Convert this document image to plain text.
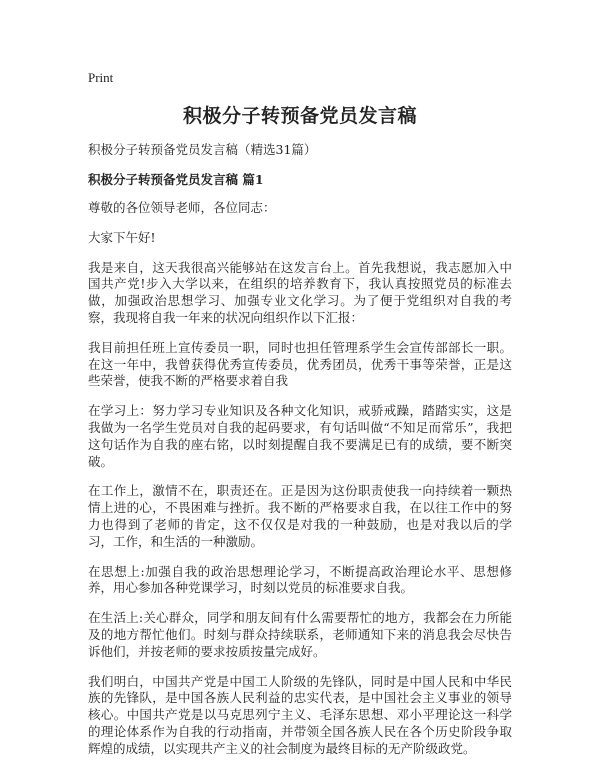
Print
积极分子转预备党员发言稿
积极分子转预备党员发言稿（精选31篇）
积极分子转预备党员发言稿 篇1

尊敬的各位领导老师，各位同志：

大家下午好!

我是来自，这天我很高兴能够站在这发言台上。首先我想说，我志愿加入中国共产党!步入大学以来，在组织的培养教育下，我认真按照党员的标准去做，加强政治思想学习、加强专业文化学习。为了便于党组织对自我的考察，我现将自我一年来的状况向组织作以下汇报：

我目前担任班上宣传委员一职，同时也担任管理系学生会宣传部部长一职。在这一年中，我曾获得优秀宣传委员，优秀团员，优秀干事等荣誉，正是这些荣誉，使我不断的严格要求着自我

在学习上：努力学习专业知识及各种文化知识，戒骄戒躁，踏踏实实，这是我做为一名学生党员对自我的起码要求，有句话叫做“不知足而常乐”，我把这句话作为自我的座右铭，以时刻提醒自我不要满足已有的成绩，要不断突破。

在工作上，激情不在，职责还在。正是因为这份职责使我一向持续着一颗热情上进的心，不畏困难与挫折。我不断的严格要求自我，在以往工作中的努力也得到了老师的肯定，这不仅仅是对我的一种鼓励，也是对我以后的学习，工作，和生活的一种激励。

在思想上:加强自我的政治思想理论学习，不断提高政治理论水平、思想修养，用心参加各种党课学习，时刻以党员的标准要求自我。

在生活上:关心群众，同学和朋友间有什么需要帮忙的地方，我都会在力所能及的地方帮忙他们。时刻与群众持续联系，老师通知下来的消息我会尽快告诉他们，并按老师的要求按质按量完成好。

我们明白，中国共产党是中国工人阶级的先锋队，同时是中国人民和中华民族的先锋队，是中国各族人民利益的忠实代表，是中国社会主义事业的领导核心。中国共产党是以马克思列宁主义、毛泽东思想、邓小平理论这一科学的理论体系作为自我的行动指南，并带领全国各族人民在各个历史阶段争取辉煌的成绩，以实现共产主义的社会制度为最终目标的无产阶级政党。
